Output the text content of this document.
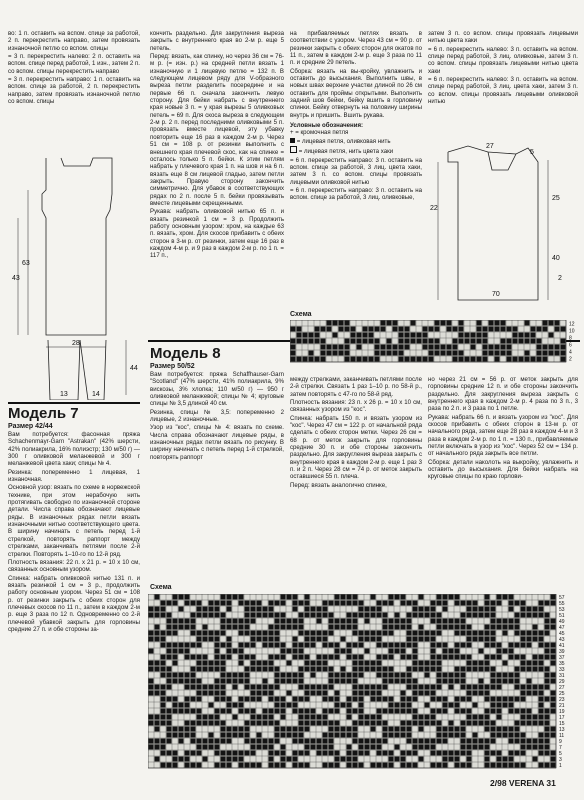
во: 1 п. оставить на вспом. спице за работой, 2 п. перекрестить направо, затем провязать изнаночной петлю со вспом. спицы

= 3 п. перекрестить налево: 2 п. оставить на вспом. спице перед работой, 1 изн., затем 2 п. со вспом. спицы перекрестить направо

= 3 п. перекрестить направо: 1 п. оставить на вспом. спице за работой, 2 п. перекрестить направо, затем провязать изнаночной петлю со вспом. спицы

43
63
28
44
13	14
Модель 7
Размер 42/44

Вам потребуется: фасонная пряжа Schachenmayr-Garn "Astrakan" (42% шерсти, 42% полиакрила, 16% полиэстр; 130 м/50 г) — 300 г оливковой меланжевой и 300 г меланжевой цвета хаки; спицы № 4.

Резинка: попеременно 1 лицевая, 1 изнаночная.

Основной узор: вязать по схеме в норвежской технике, при этом нерабочую нить протягивать свободно по изнаночной стороне детали. Числа справа обозначают лицевые ряды. В изнаночных рядах петли вязать изнаночными нитью соответствующего цвета. В ширину начинать с петель перед 1-й стрелкой, повторять раппорт между стрелками, заканчивать петлями после 2-й стрелки. Повторять 1–10-го по 12-й ряд.

Плотность вязания: 22 п. x 21 р. = 10 x 10 см, связанных основным узором.

Спинка: набрать оливковой нитью 131 п. и вязать резинкой 1 см = 3 р., продолжить работу основным узором. Через 51 см = 108 р. от резинки закрыть с обеих сторон для плечевых скосов по 11 п., затем в каждом 2-м р. еще 3 раза по 12 п. Одновременно со 2-й плечевой убавкой закрыть для горловины средние 27 п. и обе стороны за-

кончить раздельно. Для закругления выреза закрыть с внутреннего края во 2-м р. еще 5 петель.

Перед: вязать, как спинку, но через 36 см = 76-м р. (= изн. р.) на средней петли вязать 1 изнаночную и 1 лицевую петлю = 132 п. В следующем лицевом ряду для V-образного выреза петли разделить посередине и на первые 66 п. сначала закончить левую сторону. Для бейки набрать с внутреннего края новые 3 п. = у края вырезы 5 оливковых петель = 69 п. Для скоса выреза в следующем 2-м р. 2 п. перед последними оливковыми 5 п. провязать вместе лицевой, эту убавку повторить еще 16 раз в каждом 2-м р. Через 51 см = 108 р. от резинки выполнить с внешнего края плечевой скос, как на спинке = осталось только 5 п. бейки. К этим петлям набрать у плечевого края 1 п. на шов и на 6 п. вязать еще 8 см лицевой гладью, затем петли закрыть. Правую сторону закончить симметрично. Для убавок в соответствующих рядах по 2 п. после 5 п. бейки провязывать вместе лицевыми скрещенными.

Рукава: набрать оливковой нитью 65 п. и вязать резинкой 1 см = 3 р. Продолжить работу основным узором: хром, на каждые 63 п. вязать, хром. Для скосов прибавить с обеих сторон в 3-м р. от резинки, затем еще 16 раз в каждом 4-м р. и 9 раз в каждом 2-м р. по 1 п. = 117 п.,

Модель 8
Размер 50/52

Вам потребуется: пряжа Schaffhauser-Garn "Scotland" (47% шерсти, 41% полиакрила, 9% вискозы, 3% хлопка; 110 м/50 г) — 950 г оливковой меланжевой; спицы № 4; круговые спицы № 3,5 длиной 40 см.

Резинка, спицы № 3,5: попеременно 2 лицевые, 2 изнаночные.

Узор из "кос", спицы № 4: вязать по схеме. Числа справа обозначают лицевые ряды, в изнаночных рядах петли вязать по рисунку. В ширину начинать с петель перед 1-й стрелкой, повторять раппорт

на прибавляемых петлях вязать в соответствии с узором. Через 43 см = 90 р. от резинки закрыть с обеих сторон для окатов по 11 п., затем в каждом 2-м р. еще 3 раза по 11 п. и средние 29 петель.

Сборка: вязать на вы-кройку, увлажнить и оставить до высыхания. Выполнить швы, в новых швах верхние участки длиной по 26 см оставить для проймы открытыми. Выполнить задний шов бейки, бейку вшить в горловину спинки. Бейку отвернуть на половину ширины внутрь и пришить. Вшить рукава.

Условные обозначения:

+ = кромочная петля

= лицевая петля, оливковая нить

= лицевая петля, нить цвета хаки

= 6 п. перекрестить направо: 3 п. оставить на вспом. спице за работой, 3 лиц. цвета хаки, затем 3 п. со вспом. спицы провязать лицевыми оливковой нитью

= 6 п. перекрестить направо: 3 п. оставить на вспом. спице за работой, 3 лиц. оливковые,

затем 3 п. со вспом. спицы провязать лицевыми нитью цвета хаки

= 6 п. перекрестить налево: 3 п. оставить на вспом. спице перед работой, 3 лиц. оливковые, затем 3 п. со вспом. спицы провязать лицевыми нитью цвета хаки

= 6 п. перекрестить налево: 3 п. оставить на вспом. спице перед работой, 3 лиц. цвета хаки, затем 3 п. со вспом. спицы провязать лицевыми оливковой нитью

27
5
22
25
40
2
70
Схема
12
10
8
6
4
2

между стрелками, заканчивать петлями после 2-й стрелки. Связать 1 раз 1–10 р. по 58-й р., затем повторять с 47-го по 58-й ряд.

Плотность вязания: 23 п. x 26 р. = 10 x 10 см, связанных узором из "кос".

Спинка: набрать 150 п. и вязать узором из "кос". Через 47 см = 122 р. от начальной ряда сделать с обеих сторон метки. Через 26 см = 68 р. от меток закрыть для горловины средние 30 п. и обе стороны закончить раздельно. Для закругления выреза закрыть с внутреннего края в каждом 2-м р. еще 1 раз 3 п. и 2 п. Через 28 см = 74 р. от меток закрыть оставшиеся 55 п. плеча.

Перед: вязать аналогично спинке,

но через 21 см = 56 р. от меток закрыть для горловины средние 12 п. и обе стороны закончить раздельно. Для закругления выреза закрыть с внутреннего края в каждом 2-м р. 4 раза по 3 п., 3 раза по 2 п. и 3 раза по 1 петле.

Рукава: набрать 66 п. и вязать узором из "кос". Для скосов прибавить с обеих сторон в 13-м р. от начального ряда, затем еще 28 раз в каждом 4-м и 3 раза в каждом 2-м р. по 1 п. = 130 п., прибавляемые петли включать в узор из "кос". Через 52 см = 134 р. от начального ряда закрыть все петли.

Сборка: детали наколоть на выкройку, увлажнить и оставить до высыхания. Для бейки набрать на круговые спицы по краю горлови-

Схема
57
55
53
51
49
47
45
43
41
39
37
35
33
31
29
27
25
23
21
19
17
15
13
11
9
7
5
3
1
2/98 VERENA 31
